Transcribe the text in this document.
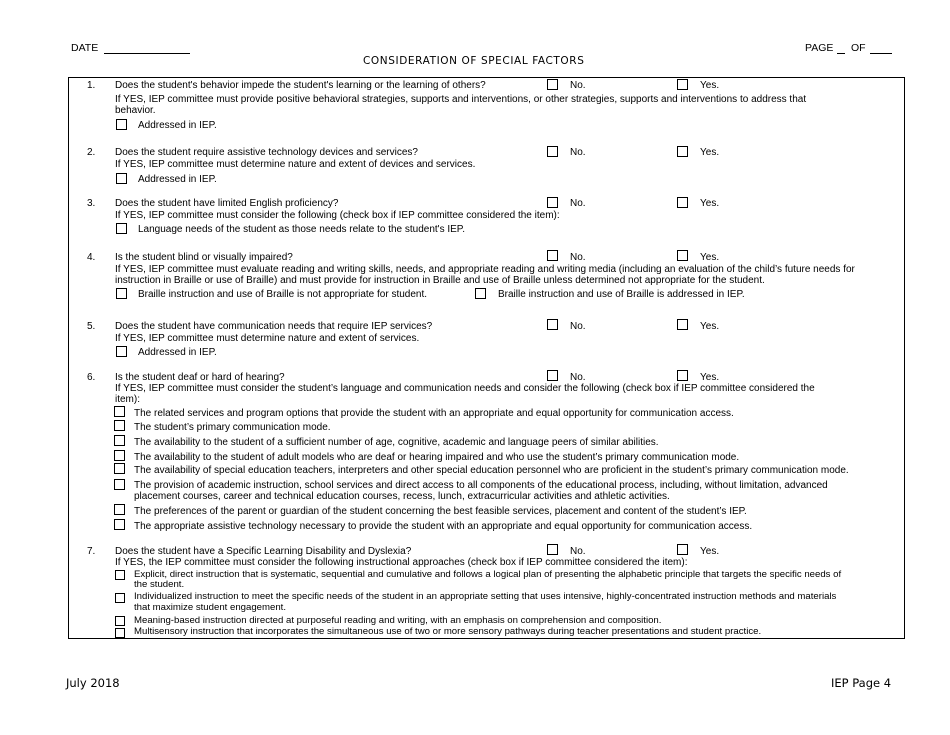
DATE	PAGE OF
CONSIDERATION OF SPECIAL FACTORS
1. Does the student's behavior impede the student's learning or the learning of others?	No.	Yes.
If YES, IEP committee must provide positive behavioral strategies, supports and interventions, or other strategies, supports and interventions to address that
behavior.
Addressed in IEP.
2. Does the student require assistive technology devices and services?	No.	Yes.
If YES, IEP committee must determine nature and extent of devices and services.
Addressed in IEP.
3. Does the student have limited English proficiency?	No.	Yes.
If YES, IEP committee must consider the following (check box if IEP committee considered the item):
Language needs of the student as those needs relate to the student's IEP.
4. Is the student blind or visually impaired?	No.	Yes.
If YES, IEP committee must evaluate reading and writing skills, needs, and appropriate reading and writing media (including an evaluation of the child’s future needs for
instruction in Braille or use of Braille) and must provide for instruction in Braille and use of Braille unless determined not appropriate for the student.
Braille instruction and use of Braille is not appropriate for student.	Braille instruction and use of Braille is addressed in IEP.
5. Does the student have communication needs that require IEP services?	No.	Yes.
If YES, IEP committee must determine nature and extent of services.
Addressed in IEP.
6. Is the student deaf or hard of hearing?	No.	Yes.
If YES, IEP committee must consider the student’s language and communication needs and consider the following (check box if IEP committee considered the
item):
The related services and program options that provide the student with an appropriate and equal opportunity for communication access.
The student’s primary communication mode.
The availability to the student of a sufficient number of age, cognitive, academic and language peers of similar abilities.
The availability to the student of adult models who are deaf or hearing impaired and who use the student’s primary communication mode.
The availability of special education teachers, interpreters and other special education personnel who are proficient in the student’s primary communication mode.
The provision of academic instruction, school services and direct access to all components of the educational process, including, without limitation, advanced
placement courses, career and technical education courses, recess, lunch, extracurricular activities and athletic activities.
The preferences of the parent or guardian of the student concerning the best feasible services, placement and content of the student’s IEP.
The appropriate assistive technology necessary to provide the student with an appropriate and equal opportunity for communication access.
7. Does the student have a Specific Learning Disability and Dyslexia?	No.	Yes.
If YES, the IEP committee must consider the following instructional approaches (check box if IEP committee considered the item):
Explicit, direct instruction that is systematic, sequential and cumulative and follows a logical plan of presenting the alphabetic principle that targets the specific needs of
the student.
Individualized instruction to meet the specific needs of the student in an appropriate setting that uses intensive, highly-concentrated instruction methods and materials
that maximize student engagement.
Meaning-based instruction directed at purposeful reading and writing, with an emphasis on comprehension and composition.
Multisensory instruction that incorporates the simultaneous use of two or more sensory pathways during teacher presentations and student practice.
July 2018	IEP Page 4
